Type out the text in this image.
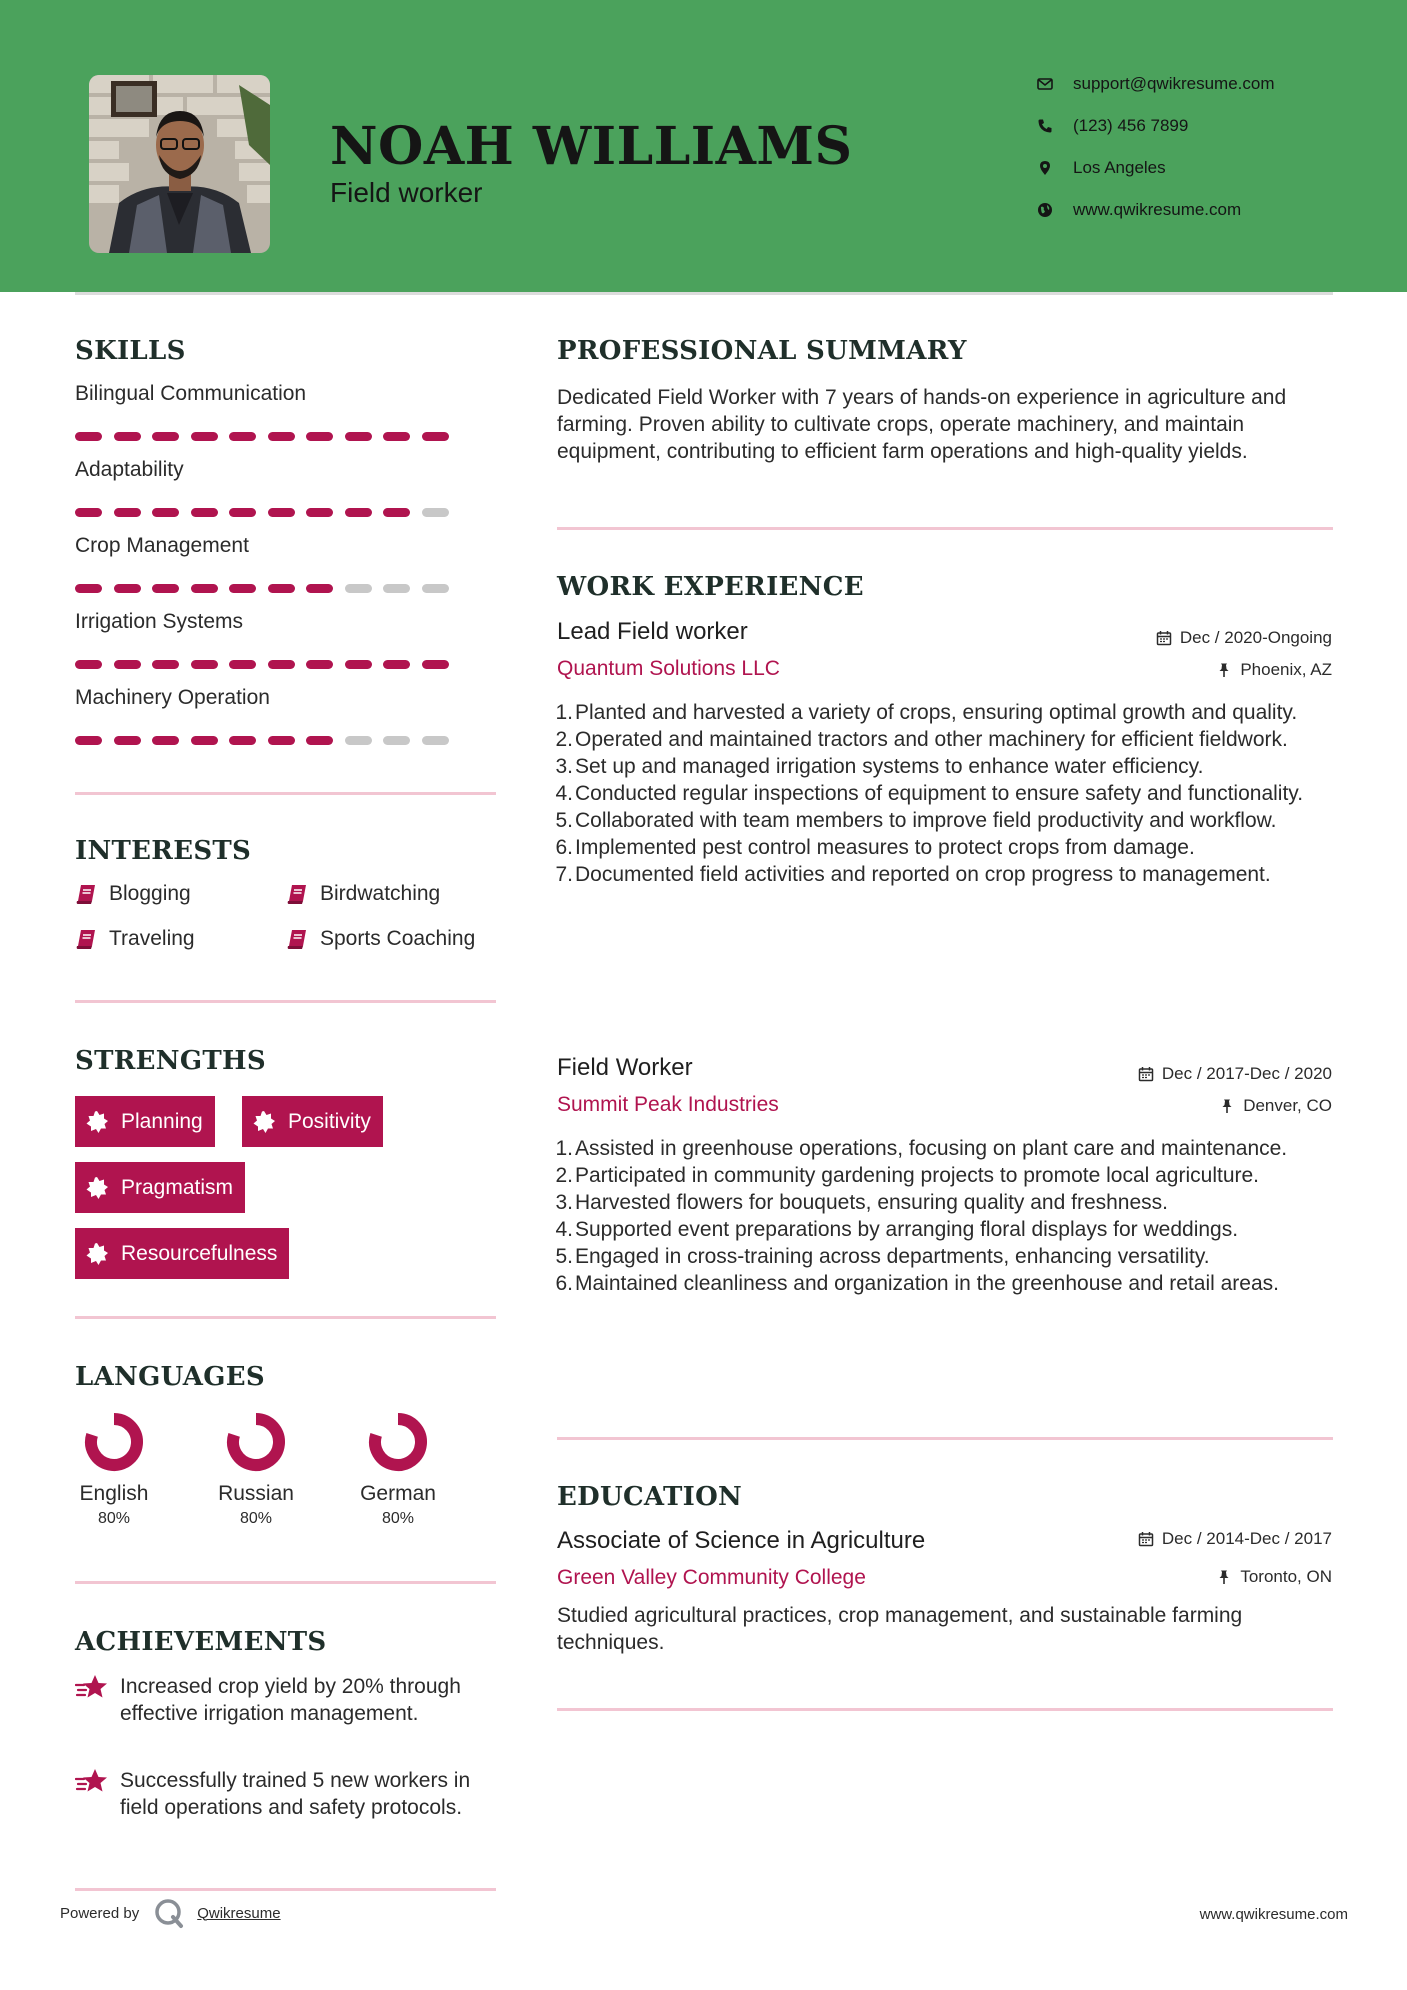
NOAH WILLIAMS
Field worker
support@qwikresume.com
(123) 456 7899
Los Angeles
www.qwikresume.com
SKILLS
Bilingual Communication
Adaptability
Crop Management
Irrigation Systems
Machinery Operation
INTERESTS
Blogging	Birdwatching
Traveling	Sports Coaching
STRENGTHS
Planning	Positivity
Pragmatism
Resourcefulness
LANGUAGES
English
80%
Russian
80%
German
80%
ACHIEVEMENTS
Increased crop yield by 20% through effective irrigation management.
Successfully trained 5 new workers in field operations and safety protocols.
PROFESSIONAL SUMMARY
Dedicated Field Worker with 7 years of hands-on experience in agriculture and farming. Proven ability to cultivate crops, operate machinery, and maintain equipment, contributing to efficient farm operations and high-quality yields.
WORK EXPERIENCE
Lead Field worker	Dec / 2020-Ongoing
Quantum Solutions LLC	Phoenix, AZ
1. Planted and harvested a variety of crops, ensuring optimal growth and quality.
2. Operated and maintained tractors and other machinery for efficient fieldwork.
3. Set up and managed irrigation systems to enhance water efficiency.
4. Conducted regular inspections of equipment to ensure safety and functionality.
5. Collaborated with team members to improve field productivity and workflow.
6. Implemented pest control measures to protect crops from damage.
7. Documented field activities and reported on crop progress to management.
Field Worker	Dec / 2017-Dec / 2020
Summit Peak Industries	Denver, CO
1. Assisted in greenhouse operations, focusing on plant care and maintenance.
2. Participated in community gardening projects to promote local agriculture.
3. Harvested flowers for bouquets, ensuring quality and freshness.
4. Supported event preparations by arranging floral displays for weddings.
5. Engaged in cross-training across departments, enhancing versatility.
6. Maintained cleanliness and organization in the greenhouse and retail areas.
EDUCATION
Associate of Science in Agriculture	Dec / 2014-Dec / 2017
Green Valley Community College	Toronto, ON
Studied agricultural practices, crop management, and sustainable farming techniques.
Powered by	Qwikresume	www.qwikresume.com
